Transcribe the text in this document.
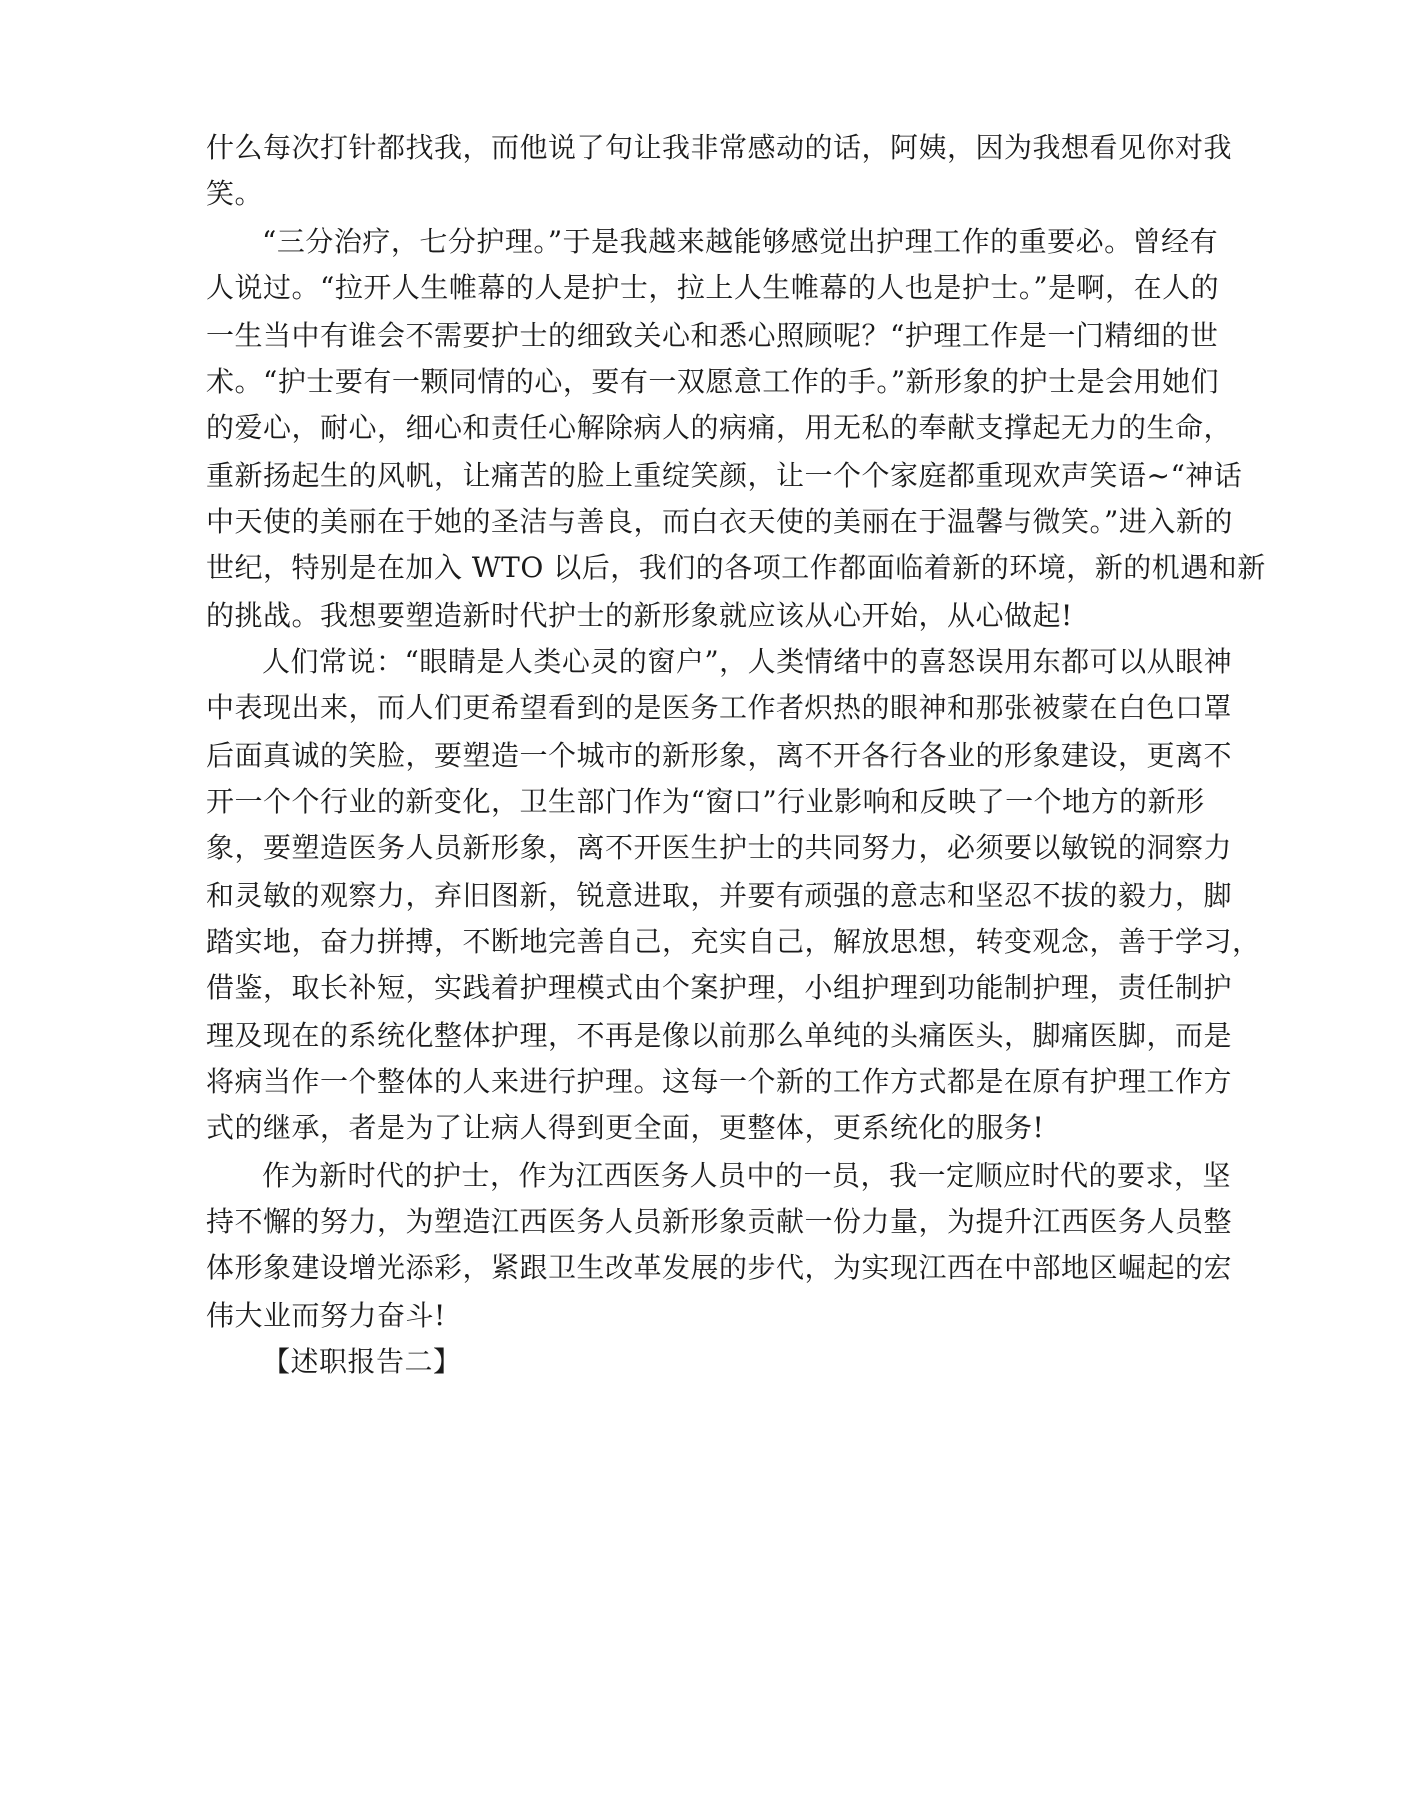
什么每次打针都找我，而他说了句让我非常感动的话，阿姨，因为我想看见你对我
笑。
“三分治疗，七分护理。”于是我越来越能够感觉出护理工作的重要必。曾经有
人说过。“拉开人生帷幕的人是护士，拉上人生帷幕的人也是护士。”是啊，在人的
一生当中有谁会不需要护士的细致关心和悉心照顾呢？“护理工作是一门精细的世
术。“护士要有一颗同情的心，要有一双愿意工作的手。”新形象的护士是会用她们
的爱心，耐心，细心和责任心解除病人的病痛，用无私的奉献支撑起无力的生命，
重新扬起生的风帆，让痛苦的脸上重绽笑颜，让一个个家庭都重现欢声笑语~“神话
中天使的美丽在于她的圣洁与善良，而白衣天使的美丽在于温馨与微笑。”进入新的
世纪，特别是在加入 WTO 以后，我们的各项工作都面临着新的环境，新的机遇和新
的挑战。我想要塑造新时代护士的新形象就应该从心开始，从心做起!
人们常说：“眼睛是人类心灵的窗户”，人类情绪中的喜怒误用东都可以从眼神
中表现出来，而人们更希望看到的是医务工作者炽热的眼神和那张被蒙在白色口罩
后面真诚的笑脸，要塑造一个城市的新形象，离不开各行各业的形象建设，更离不
开一个个行业的新变化，卫生部门作为“窗口”行业影响和反映了一个地方的新形
象，要塑造医务人员新形象，离不开医生护士的共同努力，必须要以敏锐的洞察力
和灵敏的观察力，弃旧图新，锐意进取，并要有顽强的意志和坚忍不拔的毅力，脚
踏实地，奋力拼搏，不断地完善自己，充实自己，解放思想，转变观念，善于学习，
借鉴，取长补短，实践着护理模式由个案护理，小组护理到功能制护理，责任制护
理及现在的系统化整体护理，不再是像以前那么单纯的头痛医头，脚痛医脚，而是
将病当作一个整体的人来进行护理。这每一个新的工作方式都是在原有护理工作方
式的继承，者是为了让病人得到更全面，更整体，更系统化的服务!
作为新时代的护士，作为江西医务人员中的一员，我一定顺应时代的要求，坚
持不懈的努力，为塑造江西医务人员新形象贡献一份力量，为提升江西医务人员整
体形象建设增光添彩，紧跟卫生改革发展的步代，为实现江西在中部地区崛起的宏
伟大业而努力奋斗!
【述职报告二】
